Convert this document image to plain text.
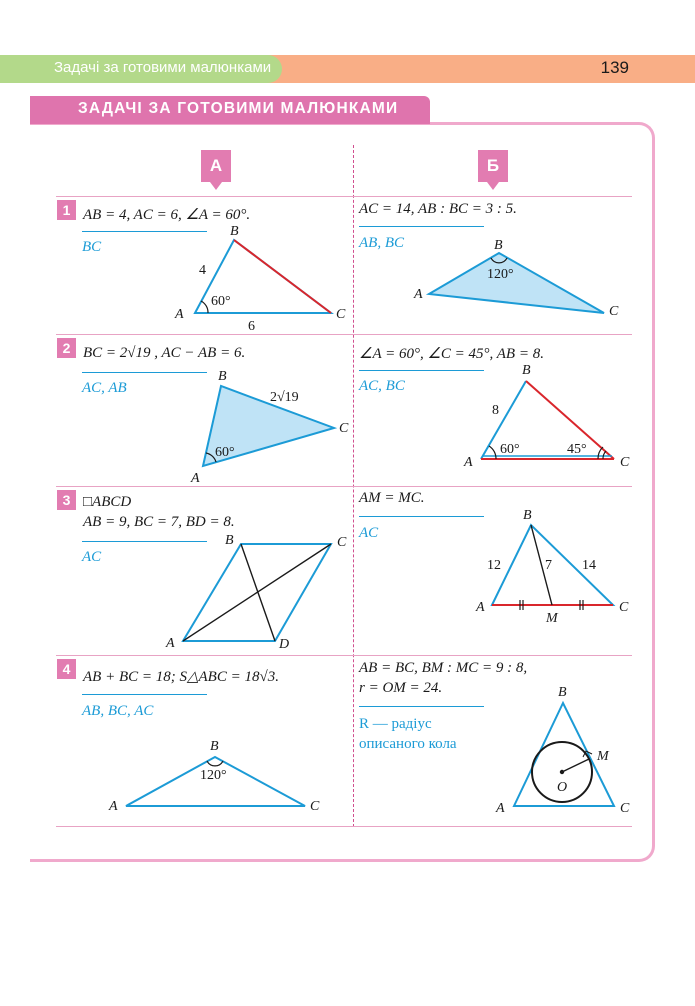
Задачі за готовими малюнками	139
ЗАДАЧІ ЗА ГОТОВИМИ МАЛЮНКАМИ
А	Б
1 AB = 4, AC = 6, ∠A = 60°.
BC
A
B
C
4
6
60°
AC = 14, AB : BC = 3 : 5.
AB, BC
A
B
C
120°
2 BC = 2√19 , AC − AB = 6.
AC, AB
A
B
C
2√19
60°
∠A = 60°, ∠C = 45°, AB = 8.
AC, BC
A
B
C
8
60°	45°
3 □ABCD
AB = 9, BC = 7, BD = 8.
AC
A
B	C
D
AM = MC.
AC
A
B
C
M
12	7 14
4 AB + BC = 18; S△ABC = 18√3.
AB, BC, AC
A
B
C
120°
AB = BC, BM : MC = 9 : 8,
r = OM = 24.
R — радіус
описаного кола
A
B
C
M
O
